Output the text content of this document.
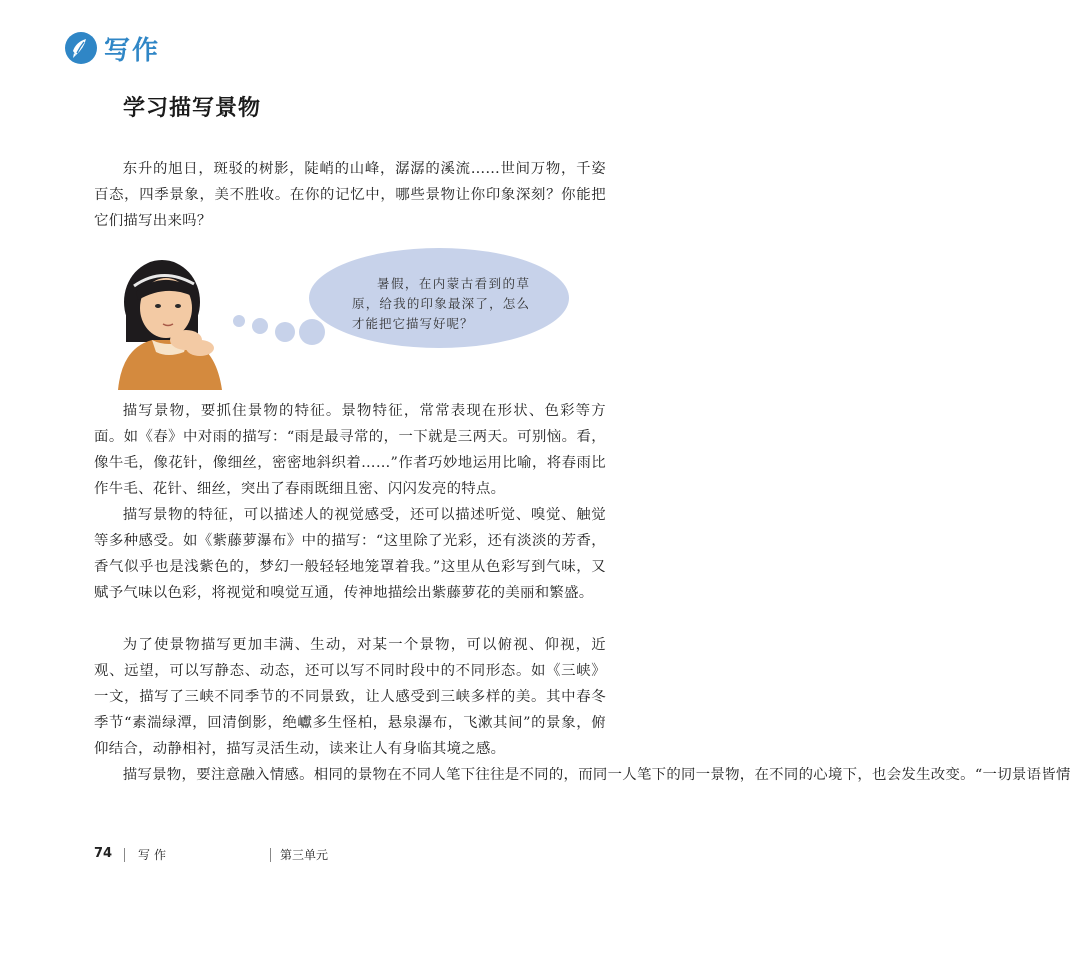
写作
学习描写景物

东升的旭日，斑驳的树影，陡峭的山峰，潺潺的溪流……世间万物，千姿百态，四季景象，美不胜收。在你的记忆中，哪些景物让你印象深刻？你能把它们描写出来吗？

暑假，在内蒙古看到的草原，给我的印象最深了，怎么才能把它描写好呢？

描写景物，要抓住景物的特征。景物特征，常常表现在形状、色彩等方面。如《春》中对雨的描写：“雨是最寻常的，一下就是三两天。可别恼。看，像牛毛，像花针，像细丝，密密地斜织着……”作者巧妙地运用比喻，将春雨比作牛毛、花针、细丝，突出了春雨既细且密、闪闪发亮的特点。

描写景物的特征，可以描述人的视觉感受，还可以描述听觉、嗅觉、触觉等多种感受。如《紫藤萝瀑布》中的描写：“这里除了光彩，还有淡淡的芳香，香气似乎也是浅紫色的，梦幻一般轻轻地笼罩着我。”这里从色彩写到气味，又赋予气味以色彩，将视觉和嗅觉互通，传神地描绘出紫藤萝花的美丽和繁盛。

为了使景物描写更加丰满、生动，对某一个景物，可以俯视、仰视，近观、远望，可以写静态、动态，还可以写不同时段中的不同形态。如《三峡》一文，描写了三峡不同季节的不同景致，让人感受到三峡多样的美。其中春冬季节“素湍绿潭，回清倒影，绝巘多生怪柏，悬泉瀑布，飞漱其间”的景象，俯仰结合，动静相衬，描写灵活生动，读来让人有身临其境之感。

描写景物，要注意融入情感。相同的景物在不同人笔下往往是不同的，而同一人笔下的同一景物，在不同的心境下，也会发生改变。“一切景语皆情

74 写作	第三单元
